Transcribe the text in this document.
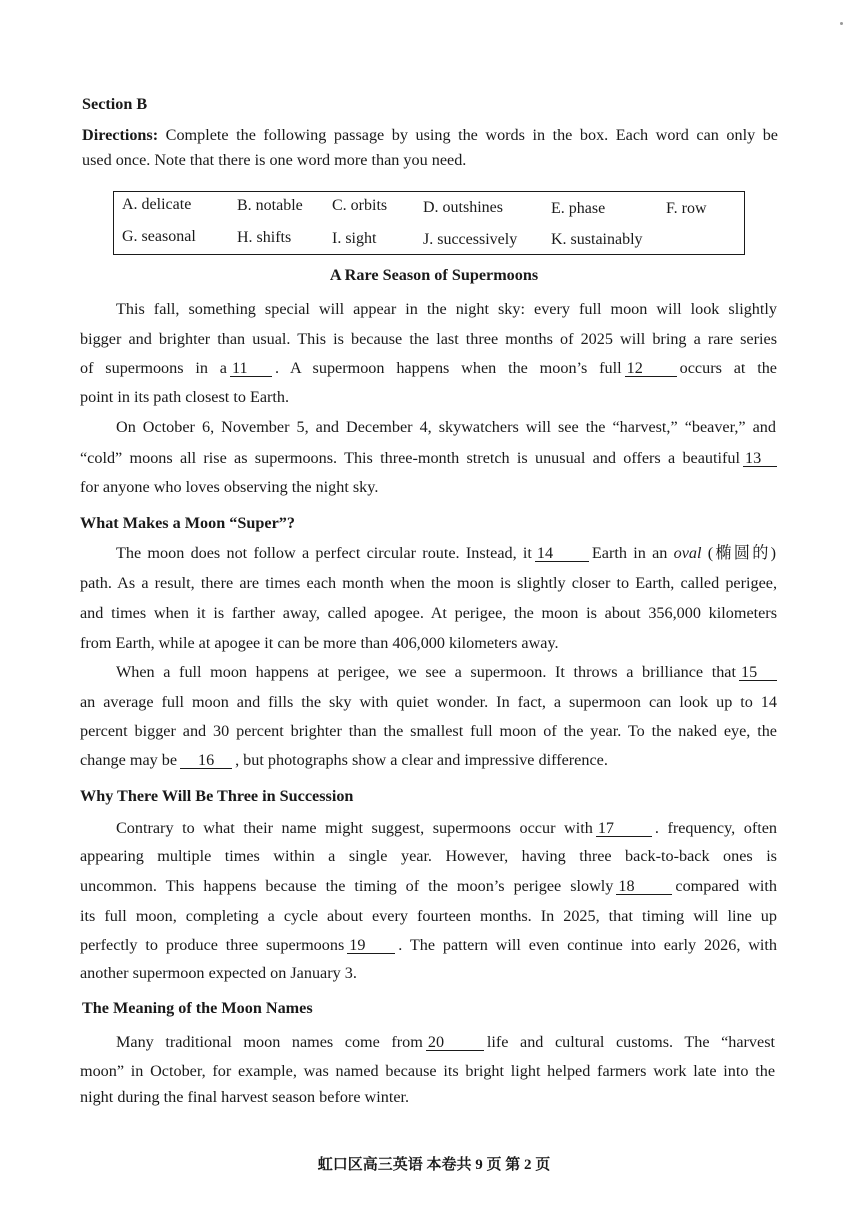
Section B
Directions: Complete the following passage by using the words in the box. Each word can only be
used once. Note that there is one word more than you need.
A. delicate	B. notable C. orbits D. outshines	E. phase	F. row
G. seasonal	H. shifts	I. sight	J. successively K. sustainably
A Rare Season of Supermoons
This fall, something special will appear in the night sky: every full moon will look slightly
bigger and brighter than usual. This is because the last three months of 2025 will bring a rare series
of supermoons in a 11 . A supermoon happens when the moon’s full 12 occurs at the
point in its path closest to Earth.
On October 6, November 5, and December 4, skywatchers will see the “harvest,” “beaver,” and
“cold” moons all rise as supermoons. This three-month stretch is unusual and offers a beautiful 13
for anyone who loves observing the night sky.
What Makes a Moon “Super”?
The moon does not follow a perfect circular route. Instead, it 14 Earth in an oval (椭圆的)
path. As a result, there are times each month when the moon is slightly closer to Earth, called perigee,
and times when it is farther away, called apogee. At perigee, the moon is about 356,000 kilometers
from Earth, while at apogee it can be more than 406,000 kilometers away.
When a full moon happens at perigee, we see a supermoon. It throws a brilliance that 15
an average full moon and fills the sky with quiet wonder. In fact, a supermoon can look up to 14
percent bigger and 30 percent brighter than the smallest full moon of the year. To the naked eye, the
change may be 16 , but photographs show a clear and impressive difference.
Why There Will Be Three in Succession
Contrary to what their name might suggest, supermoons occur with 17	. frequency, often
appearing multiple times within a single year. However, having three back-to-back ones is
uncommon. This happens because the timing of the moon’s perigee slowly 18	compared with
its full moon, completing a cycle about every fourteen months. In 2025, that timing will line up
perfectly to produce three supermoons 19 . The pattern will even continue into early 2026, with
another supermoon expected on January 3.
The Meaning of the Moon Names
Many traditional moon names come from 20	life and cultural customs. The “harvest
moon” in October, for example, was named because its bright light helped farmers work late into the
night during the final harvest season before winter.
虹口区高三英语 本卷共 9 页 第 2 页
